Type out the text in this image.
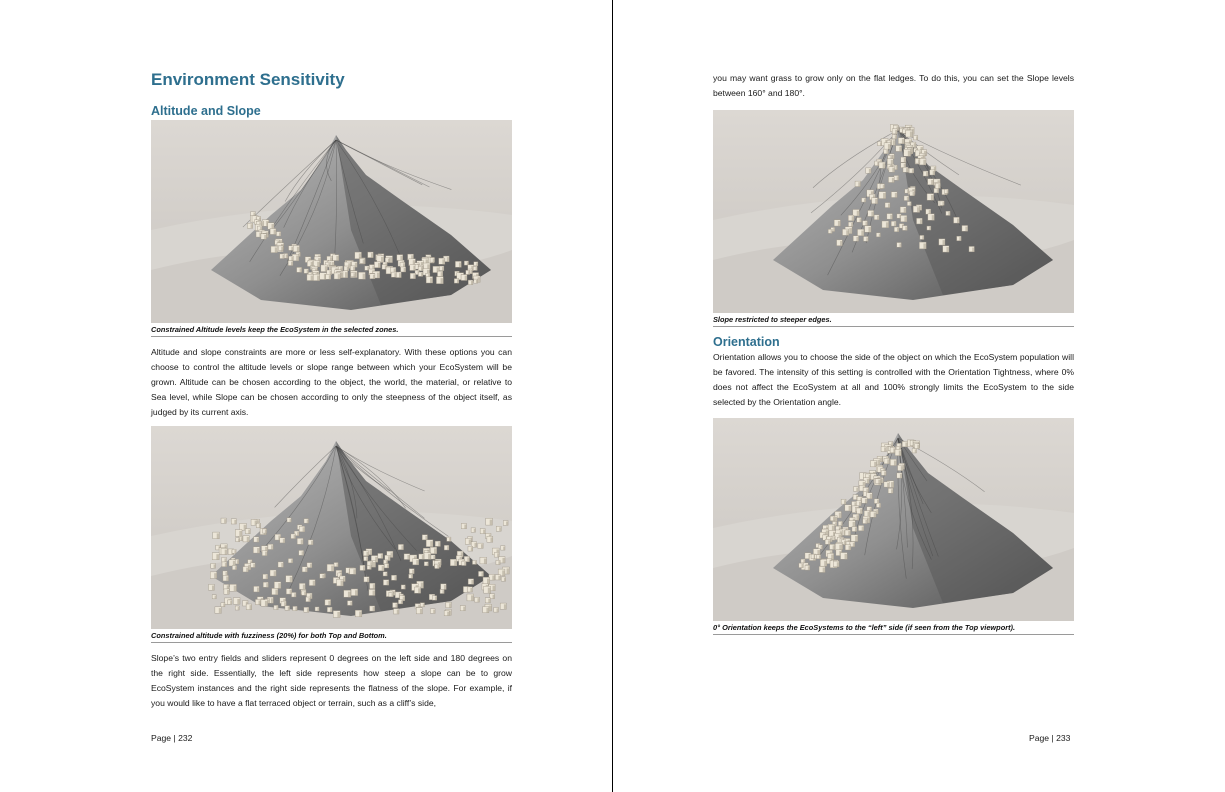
Environment Sensitivity
Altitude and Slope
Constrained Altitude levels keep the EcoSystem in the selected zones.

Altitude and slope constraints are more or less self-explanatory. With these options you can choose to control the altitude levels or slope range between which your EcoSystem will be grown. Altitude can be chosen according to the object, the world, the material, or relative to Sea level, while Slope can be chosen according to only the steepness of the object itself, as judged by its current axis.

Constrained altitude with fuzziness (20%) for both Top and Bottom.

Slope’s two entry fields and sliders represent 0 degrees on the left side and 180 degrees on the right side. Essentially, the left side represents how steep a slope can be to grow EcoSystem instances and the right side represents the flatness of the slope. For example, if you would like to have a flat terraced object or terrain, such as a cliff’s side,

Page | 232

you may want grass to grow only on the flat ledges. To do this, you can set the Slope levels between 160° and 180°.

Slope restricted to steeper edges.
Orientation

Orientation allows you to choose the side of the object on which the EcoSystem population will be favored. The intensity of this setting is controlled with the Orientation Tightness, where 0% does not affect the EcoSystem at all and 100% strongly limits the EcoSystem to the side selected by the Orientation angle.

0° Orientation keeps the EcoSystems to the “left” side (if seen from the Top viewport).
Page | 233
